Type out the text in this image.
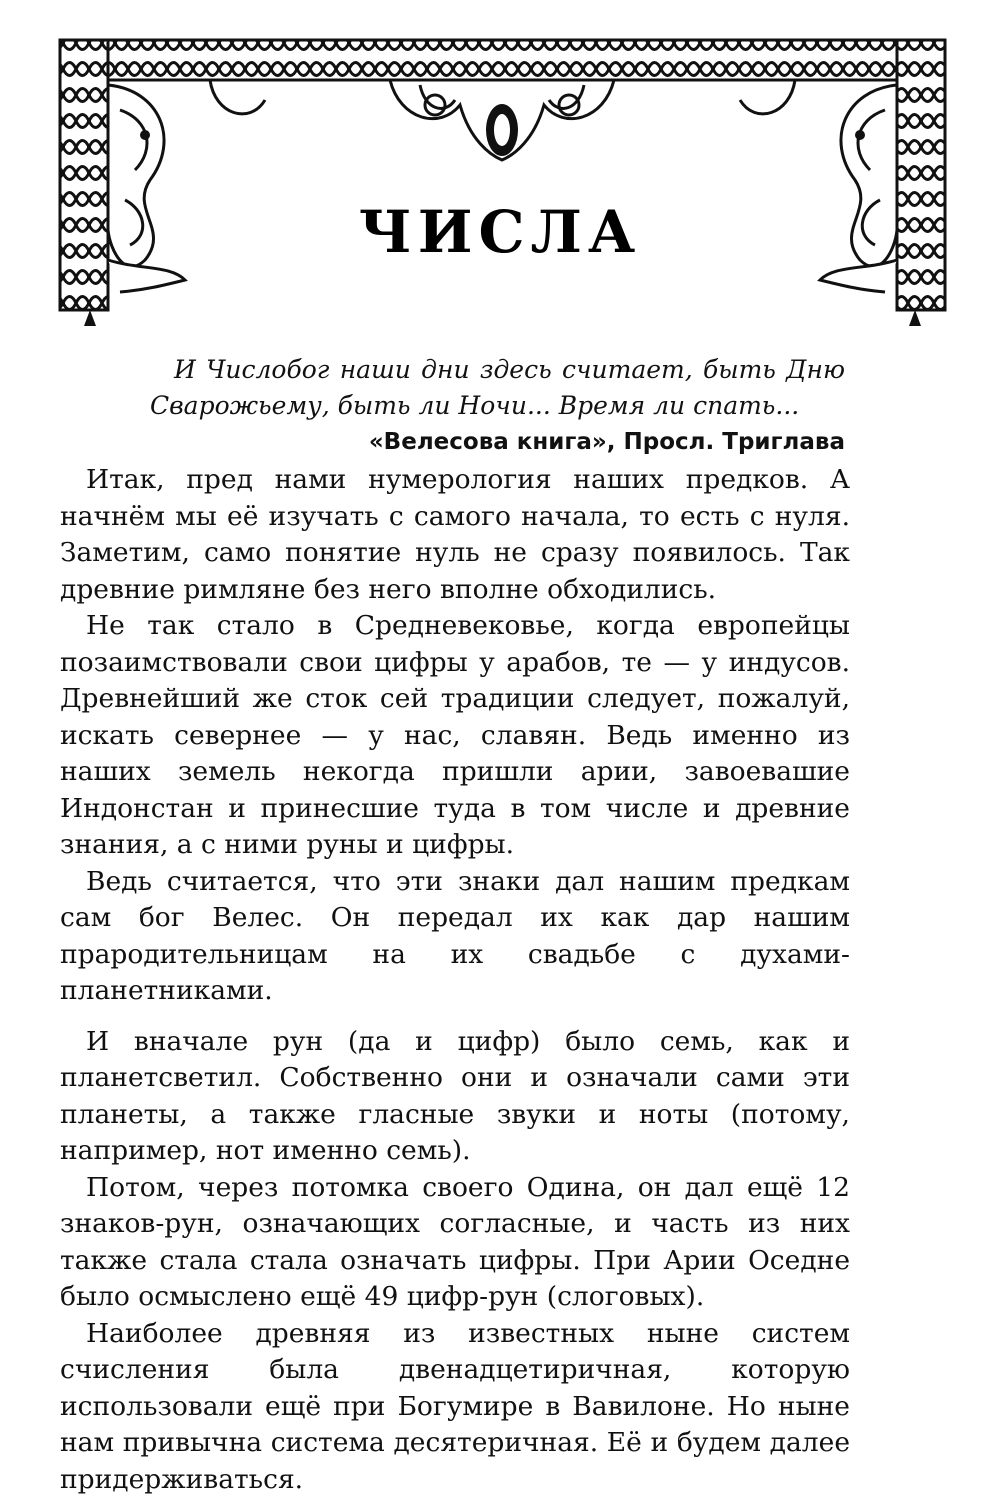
ЧИСЛА

И Числобог наши дни здесь считает, быть Дню Сварожьему, быть ли Ночи... Время ли спать...

«Велесова книга», Просл. Триглава

Итак, пред нами нумерология наших предков. А начнём мы её изучать с самого начала, то есть с нуля. Заметим, само понятие нуль не сразу появилось. Так древние римляне без него вполне обходились.

Не так стало в Средневековье, когда европейцы позаимствовали свои цифры у арабов, те — у индусов. Древнейший же сток сей традиции следует, пожалуй, искать севернее — у нас, славян. Ведь именно из наших земель некогда пришли арии, завоевашие Индонстан и принесшие туда в том числе и древние знания, а с ними руны и цифры.

Ведь считается, что эти знаки дал нашим предкам сам бог Велес. Он передал их как дар нашим прародительницам на их свадьбе с духами-планетниками.

И вначале рун (да и цифр) было семь, как и планетсветил. Собственно они и означали сами эти планеты, а также гласные звуки и ноты (потому, например, нот именно семь).

Потом, через потомка своего Одина, он дал ещё 12 знаков-рун, означающих согласные, и часть из них также стала стала означать цифры. При Арии Оседне было осмыслено ещё 49 цифр-рун (слоговых).

Наиболее древняя из известных ныне систем счисления была двенадцетиричная, которую использовали ещё при Богумире в Вавилоне. Но ныне нам привычна система десятеричная. Её и будем далее придерживаться.
